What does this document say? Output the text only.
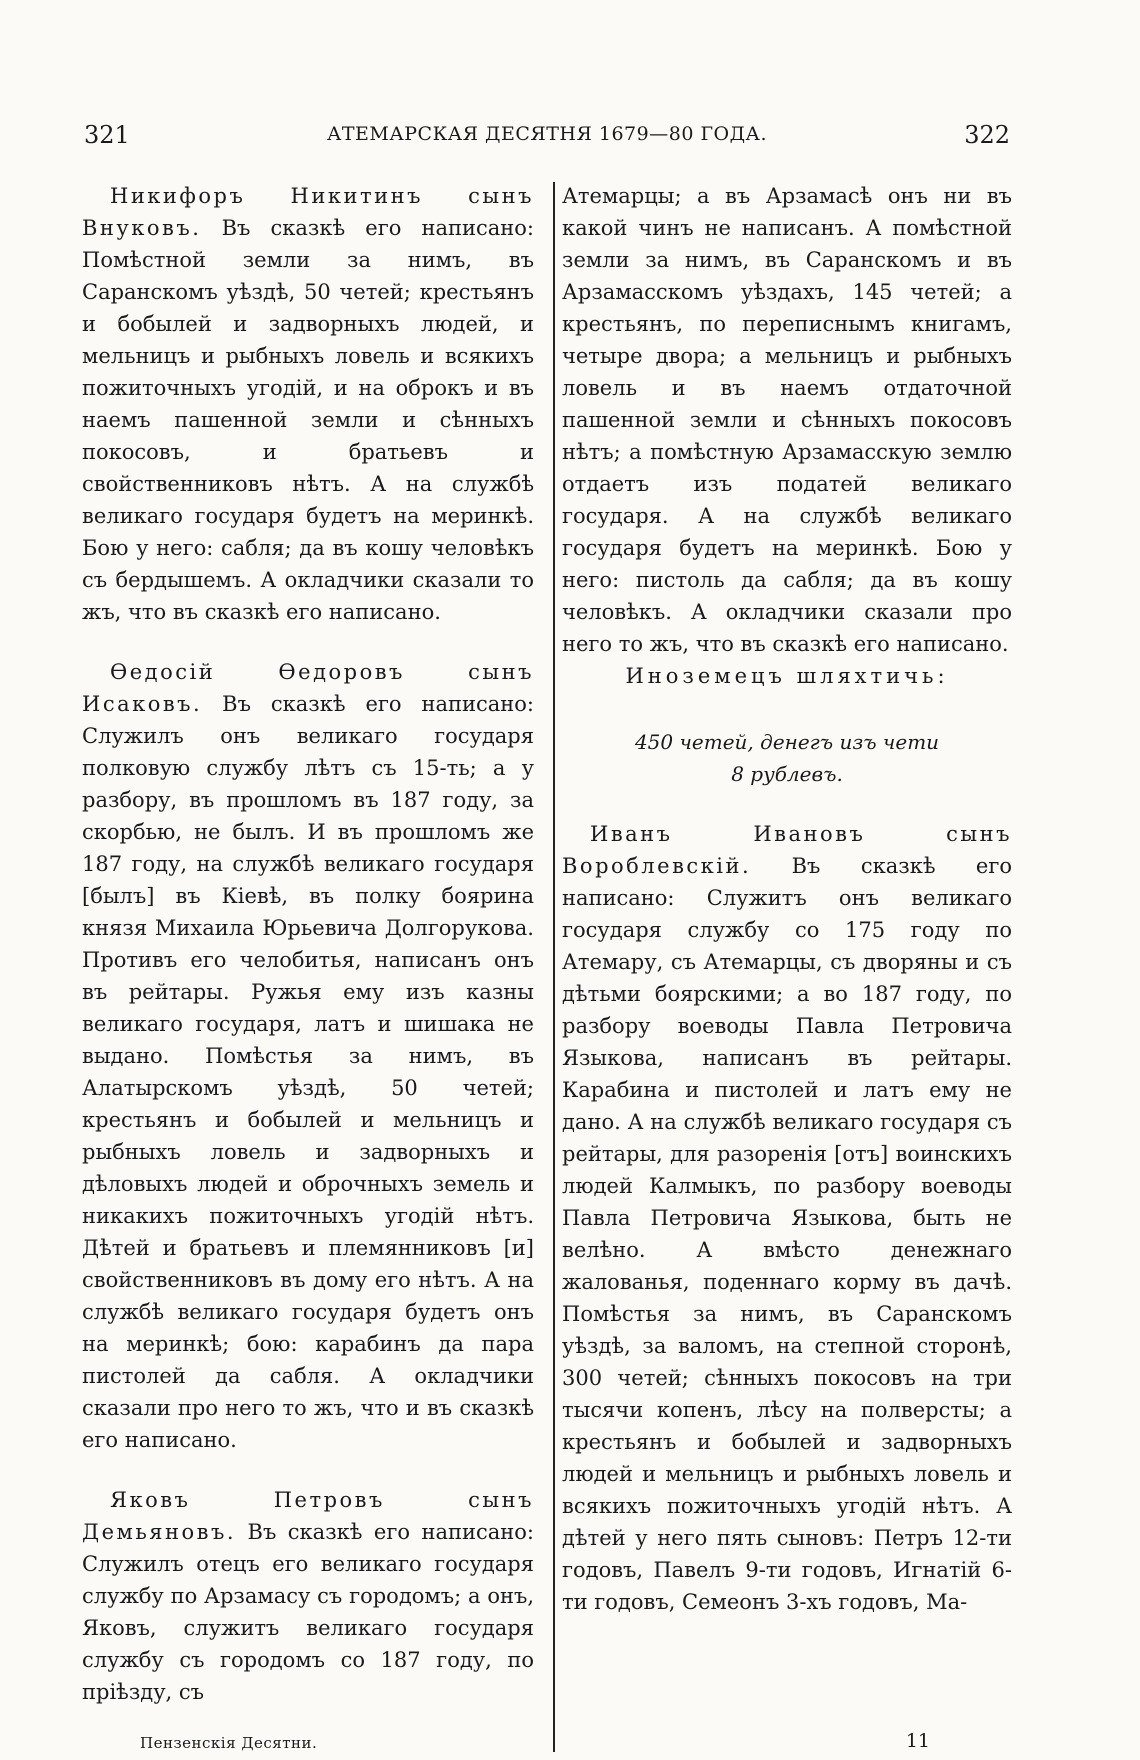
321	АТЕМАРСКАЯ ДЕСЯТНЯ 1679—80 ГОДА.	322

Никифоръ Никитинъ сынъ Внуковъ. Въ сказкѣ его написано: Помѣстной земли за нимъ, въ Саранскомъ уѣздѣ, 50 четей; крестьянъ и бобылей и задворныхъ людей, и мельницъ и рыбныхъ ловель и всякихъ пожиточныхъ угодій, и на оброкъ и въ наемъ пашенной земли и сѣнныхъ покосовъ, и братьевъ и свойственниковъ нѣтъ. А на службѣ великаго государя будетъ на меринкѣ. Бою у него: сабля; да въ кошу человѣкъ съ бердышемъ. А окладчики сказали то жъ, что въ сказкѣ его написано.

Ѳедосій Ѳедоровъ сынъ Исаковъ. Въ сказкѣ его написано: Служилъ онъ великаго государя полковую службу лѣтъ съ 15-ть; а у разбору, въ прошломъ въ 187 году, за скорбью, не былъ. И въ прошломъ же 187 году, на службѣ великаго государя [былъ] въ Кіевѣ, въ полку боярина князя Михаила Юрьевича Долгорукова. Противъ его челобитья, написанъ онъ въ рейтары. Ружья ему изъ казны великаго государя, латъ и шишака не выдано. Помѣстья за нимъ, въ Алатырскомъ уѣздѣ, 50 четей; крестьянъ и бобылей и мельницъ и рыбныхъ ловель и задворныхъ и дѣловыхъ людей и оброчныхъ земель и никакихъ пожиточныхъ угодій нѣтъ. Дѣтей и братьевъ и племянниковъ [и] свойственниковъ въ дому его нѣтъ. А на службѣ великаго государя будетъ онъ на меринкѣ; бою: карабинъ да пара пистолей да сабля. А окладчики сказали про него то жъ, что и въ сказкѣ его написано.

Яковъ Петровъ сынъ Демьяновъ. Въ сказкѣ его написано: Служилъ отецъ его великаго государя службу по Арзамасу съ городомъ; а онъ, Яковъ, служитъ великаго государя службу съ городомъ со 187 году, по пріѣзду, съ

Атемарцы; а въ Арзамасѣ онъ ни въ какой чинъ не написанъ. А помѣстной земли за нимъ, въ Саранскомъ и въ Арзамасскомъ уѣздахъ, 145 четей; а крестьянъ, по переписнымъ книгамъ, четыре двора; а мельницъ и рыбныхъ ловель и въ наемъ отдаточной пашенной земли и сѣнныхъ покосовъ нѣтъ; а помѣстную Арзамасскую землю отдаетъ изъ податей великаго государя. А на службѣ великаго государя будетъ на меринкѣ. Бою у него: пистоль да сабля; да въ кошу человѣкъ. А окладчики сказали про него то жъ, что въ сказкѣ его написано.

Иноземецъ шляхтичь:

450 четей, денегъ изъ чети
8 рублевъ.

Иванъ Ивановъ сынъ Вороблевскій. Въ сказкѣ его написано: Служитъ онъ великаго государя службу со 175 году по Атемару, съ Атемарцы, съ дворяны и съ дѣтьми боярскими; а во 187 году, по разбору воеводы Павла Петровича Языкова, написанъ въ рейтары. Карабина и пистолей и латъ ему не дано. А на службѣ великаго государя съ рейтары, для разоренія [отъ] воинскихъ людей Калмыкъ, по разбору воеводы Павла Петровича Языкова, быть не велѣно. А вмѣсто денежнаго жалованья, поденнаго корму въ дачѣ. Помѣстья за нимъ, въ Саранскомъ уѣздѣ, за валомъ, на степной сторонѣ, 300 четей; сѣнныхъ покосовъ на три тысячи копенъ, лѣсу на полверсты; а крестьянъ и бобылей и задворныхъ людей и мельницъ и рыбныхъ ловель и всякихъ пожиточныхъ угодій нѣтъ. А дѣтей у него пять сыновъ: Петръ 12-ти годовъ, Павелъ 9-ти годовъ, Игнатій 6-ти годовъ, Семеонъ 3-хъ годовъ, Ма-

Пензенскія Десятни.	11
